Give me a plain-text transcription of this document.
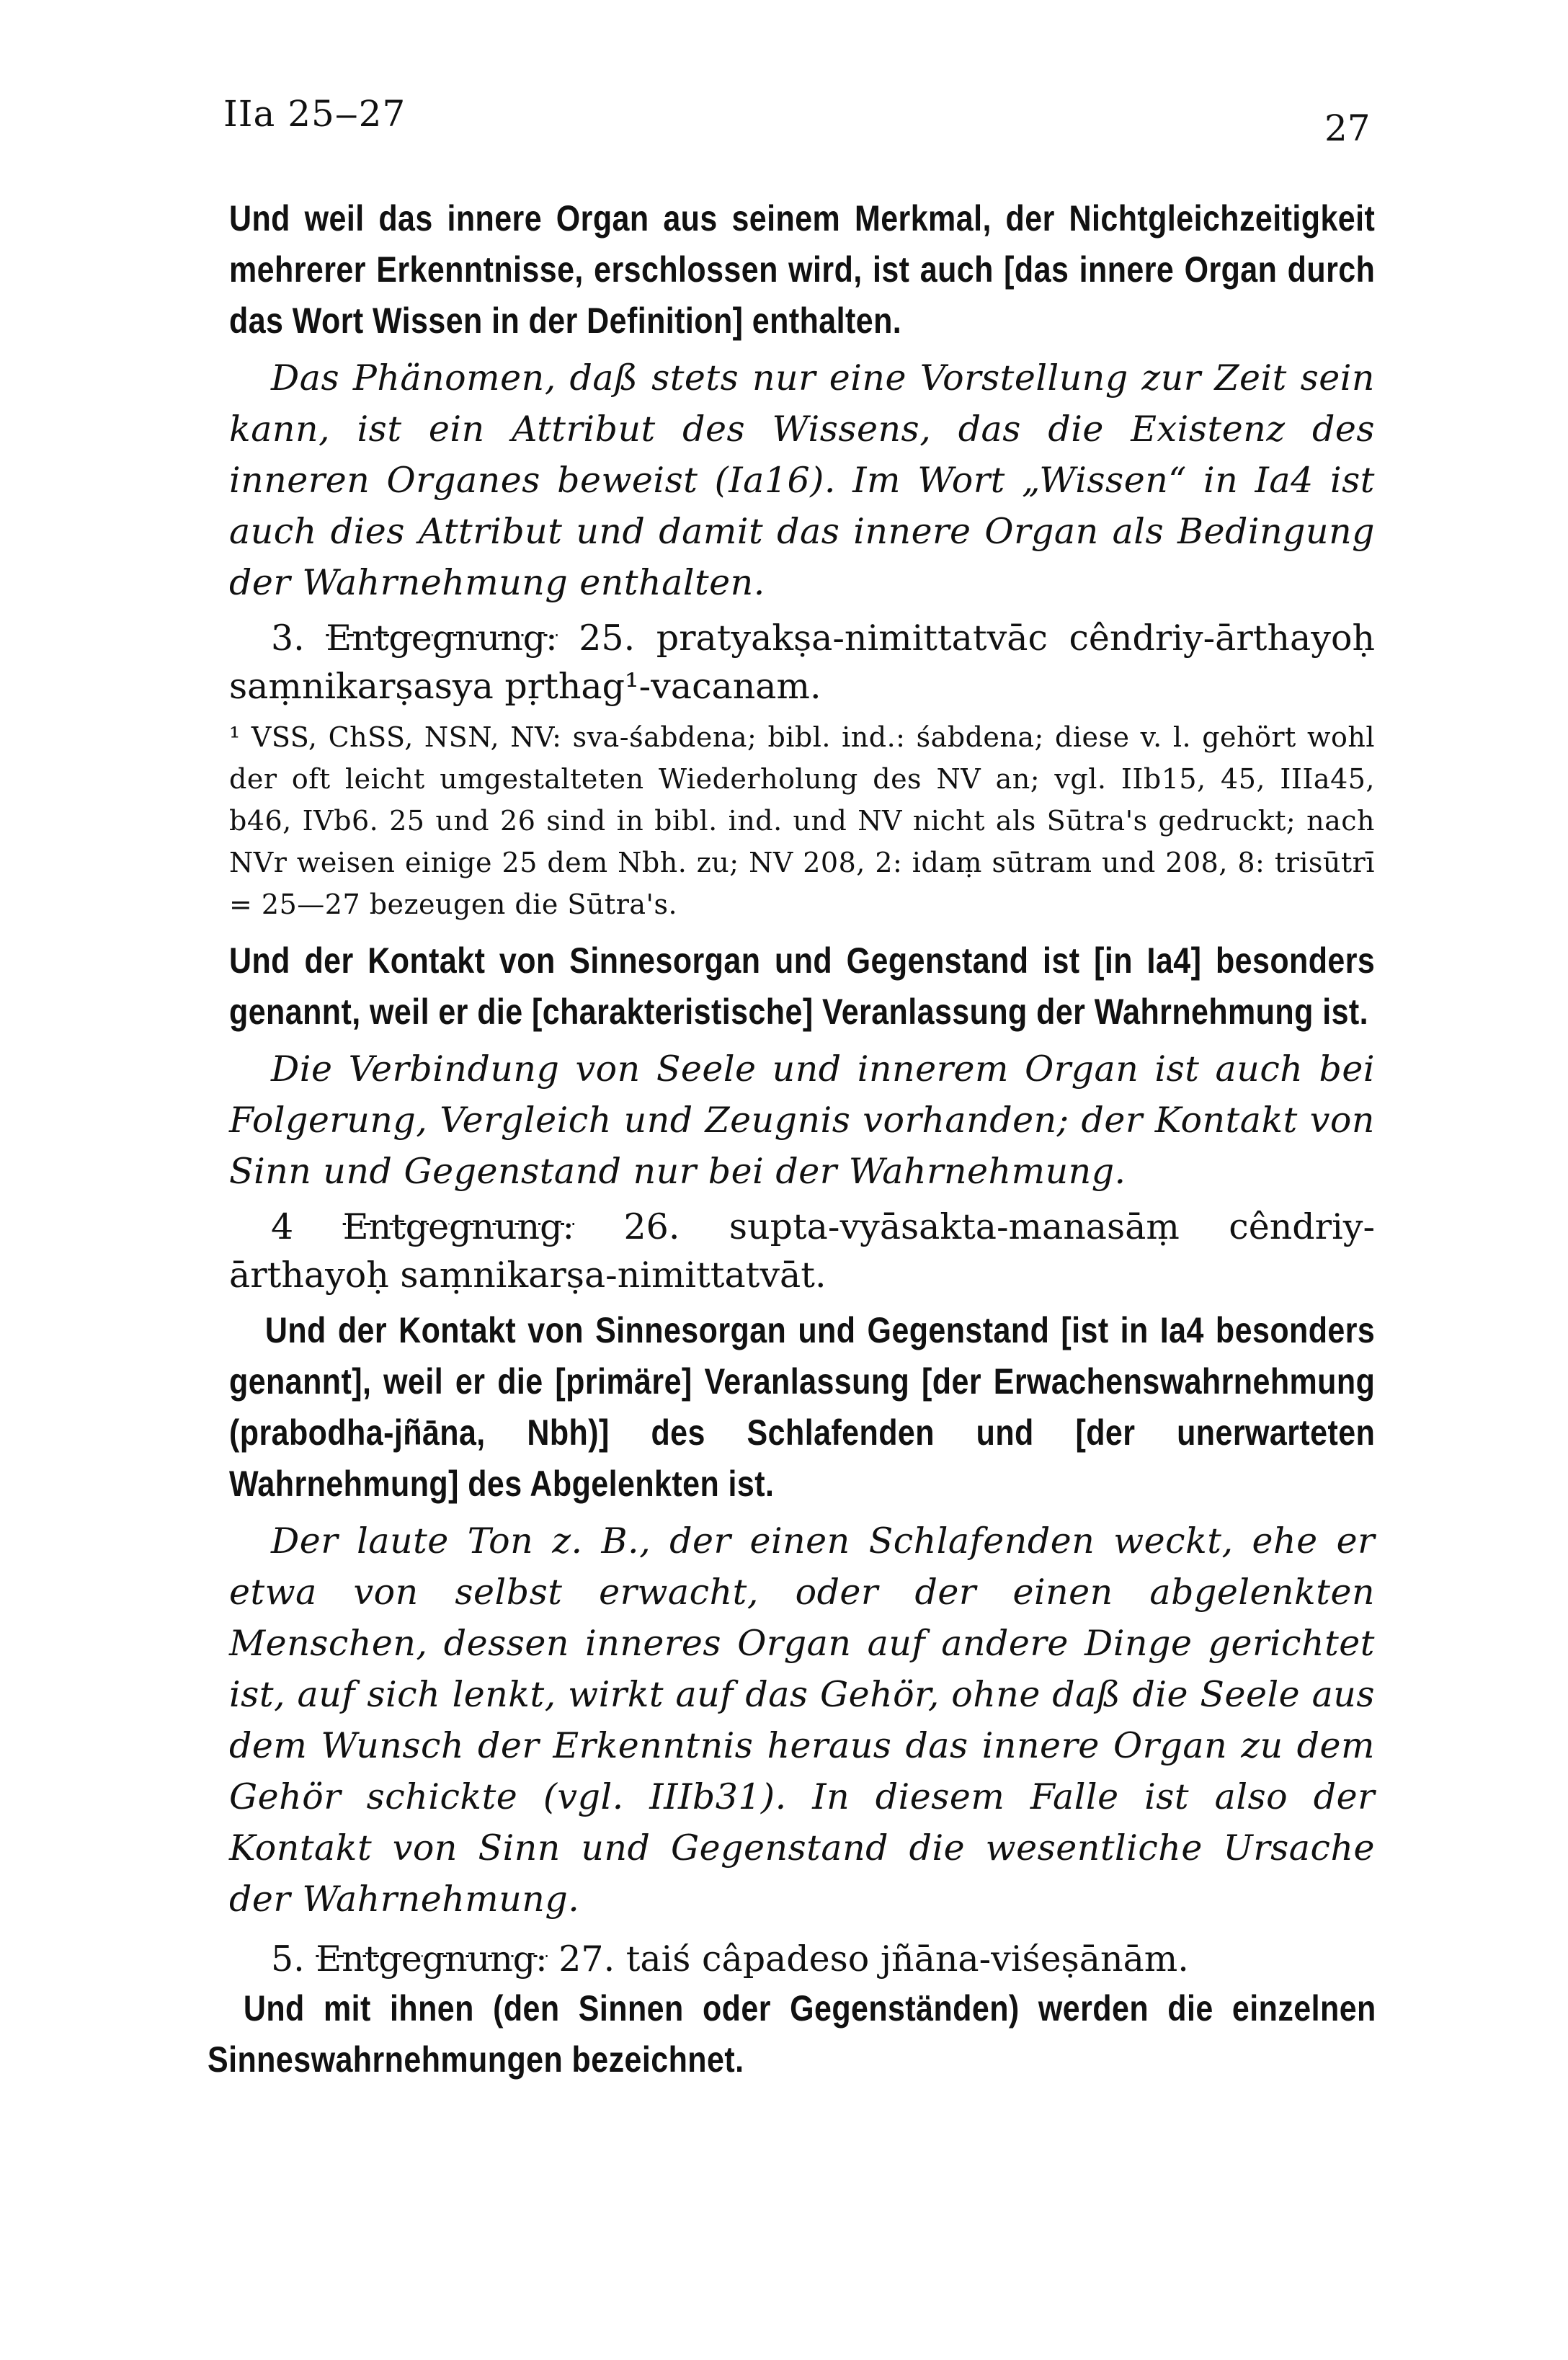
IIa 25‒27	27
Und weil das innere Organ aus seinem Merkmal, der Nichtgleichzeitigkeit mehrerer Erkenntnisse, erschlossen wird, ist auch [das innere Organ durch das Wort Wissen in der Definition] enthalten.
Das Phänomen, daß stets nur eine Vorstellung zur Zeit sein kann, ist ein Attribut des Wissens, das die Existenz des inneren Organes beweist (Ia16). Im Wort „Wissen“ in Ia4 ist auch dies Attribut und damit das innere Organ als Bedingung der Wahrnehmung enthalten.
3. Entgegnung: 25. pratyakṣa-nimittatvāc cêndriy-ārthayoḥ saṃnikarṣasya pṛthag¹-vacanam.
¹ VSS, ChSS, NSN, NV: sva-śabdena; bibl. ind.: śabdena; diese v. l. gehört wohl der oft leicht umgestalteten Wiederholung des NV an; vgl. IIb15, 45, IIIa45, b46, IVb6. 25 und 26 sind in bibl. ind. und NV nicht als Sūtra's gedruckt; nach NVr weisen einige 25 dem Nbh. zu; NV 208, 2: idaṃ sūtram und 208, 8: trisūtrī = 25—27 bezeugen die Sūtra's.
Und der Kontakt von Sinnesorgan und Gegenstand ist [in Ia4] besonders genannt, weil er die [charakteristische] Veranlassung der Wahrnehmung ist.
Die Verbindung von Seele und innerem Organ ist auch bei Folgerung, Vergleich und Zeugnis vorhanden; der Kontakt von Sinn und Gegenstand nur bei der Wahrnehmung.
4 Entgegnung: 26. supta-vyāsakta-manasāṃ cêndriy-ārthayoḥ saṃnikarṣa-nimittatvāt.
Und der Kontakt von Sinnesorgan und Gegenstand [ist in Ia4 besonders genannt], weil er die [primäre] Veranlassung [der Erwachenswahrnehmung (prabodha-jñāna, Nbh)] des Schlafenden und [der unerwarteten Wahrnehmung] des Abgelenkten ist.
Der laute Ton z. B., der einen Schlafenden weckt, ehe er etwa von selbst erwacht, oder der einen abgelenkten Menschen, dessen inneres Organ auf andere Dinge gerichtet ist, auf sich lenkt, wirkt auf das Gehör, ohne daß die Seele aus dem Wunsch der Erkenntnis heraus das innere Organ zu dem Gehör schickte (vgl. IIIb31). In diesem Falle ist also der Kontakt von Sinn und Gegenstand die wesentliche Ursache der Wahrnehmung.
5. Entgegnung: 27. taiś câpadeso jñāna-viśeṣānām.
Und mit ihnen (den Sinnen oder Gegenständen) werden die einzelnen Sinneswahrnehmungen bezeichnet.
